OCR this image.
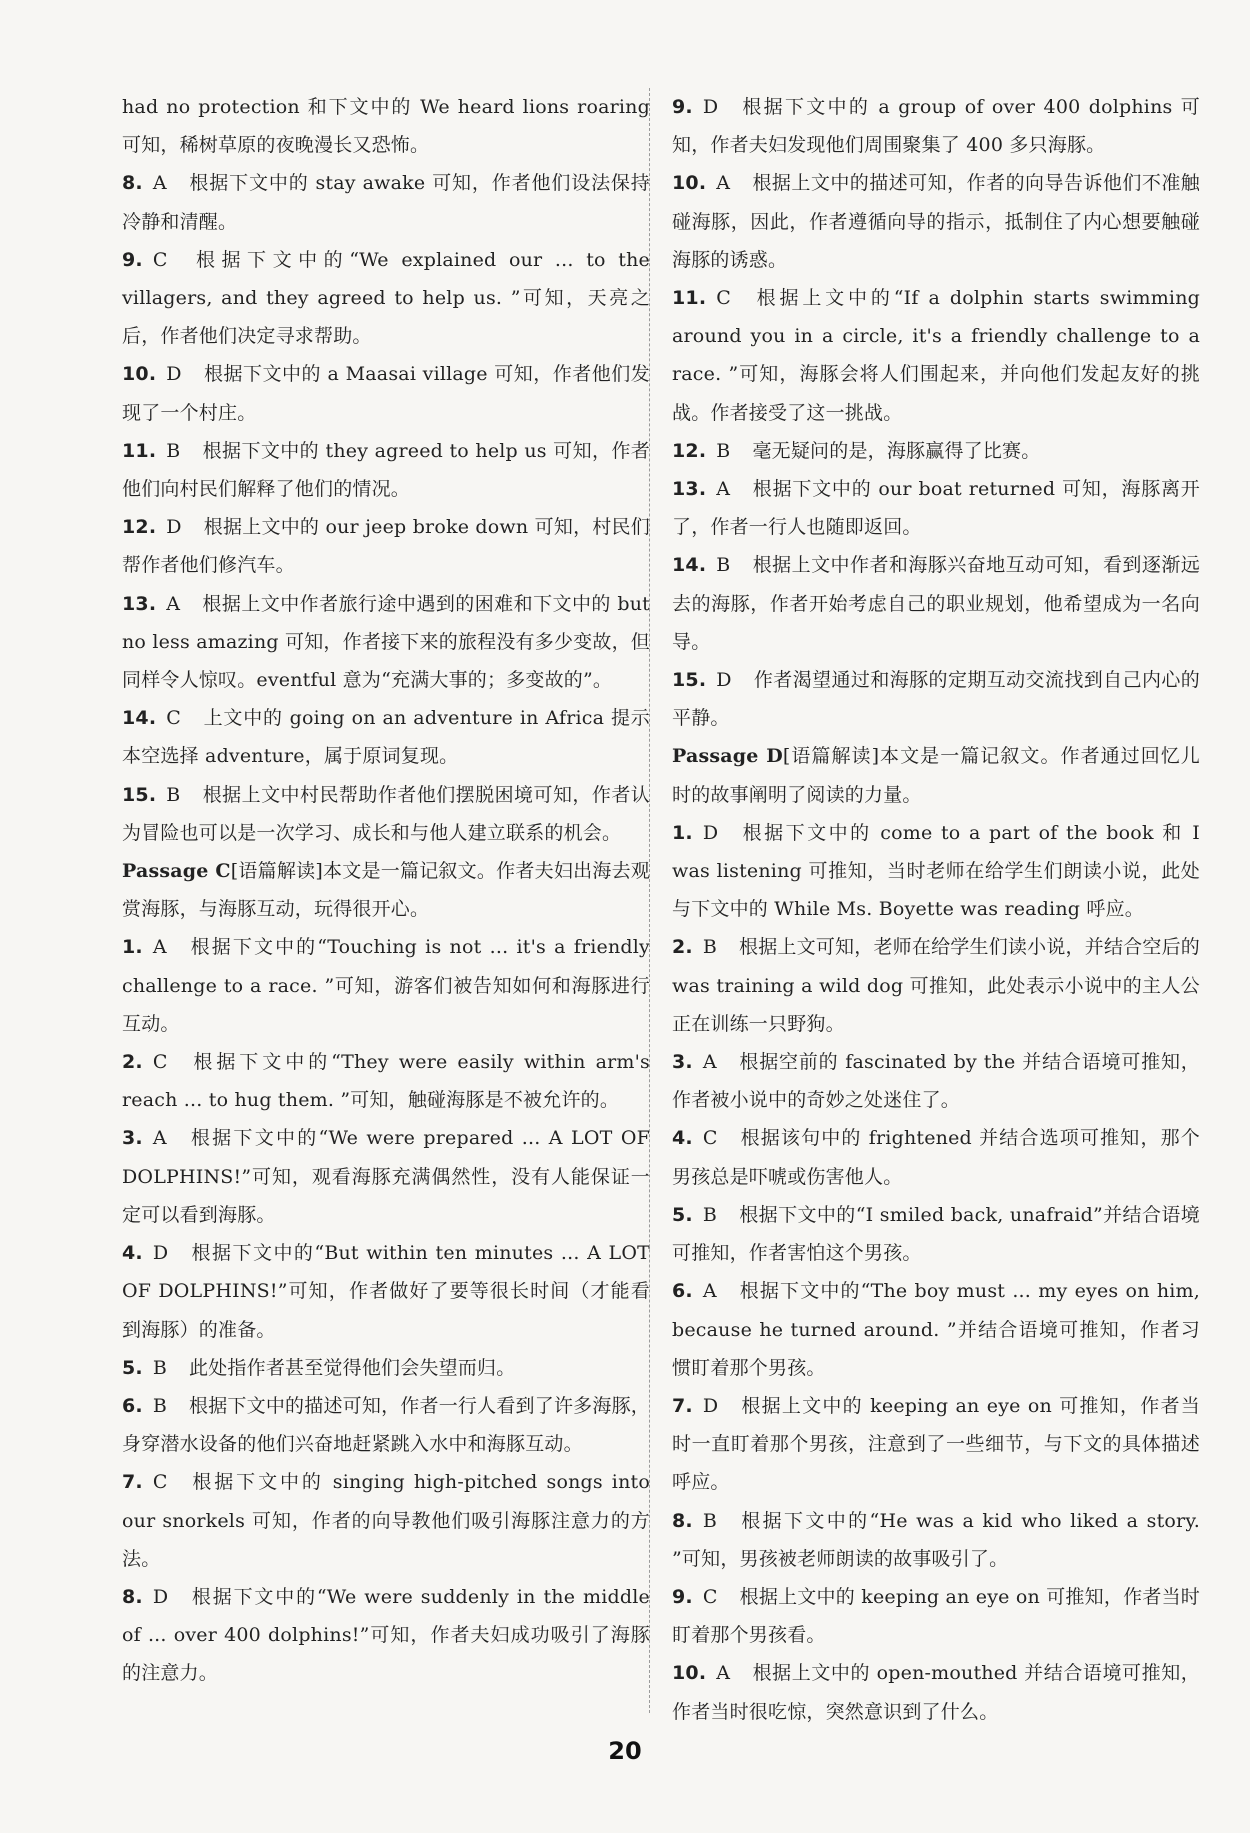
had no protection 和下文中的 We heard lions roaring 可知，稀树草原的夜晚漫长又恐怖。

8. A 根据下文中的 stay awake 可知，作者他们设法保持冷静和清醒。

9. C 根据下文中的“We explained our ... to the villagers, and they agreed to help us. ”可知，天亮之后，作者他们决定寻求帮助。

10. D 根据下文中的 a Maasai village 可知，作者他们发现了一个村庄。

11. B 根据下文中的 they agreed to help us 可知，作者他们向村民们解释了他们的情况。

12. D 根据上文中的 our jeep broke down 可知，村民们帮作者他们修汽车。

13. A 根据上文中作者旅行途中遇到的困难和下文中的 but no less amazing 可知，作者接下来的旅程没有多少变故，但同样令人惊叹。eventful 意为“充满大事的；多变故的”。

14. C 上文中的 going on an adventure in Africa 提示本空选择 adventure，属于原词复现。

15. B 根据上文中村民帮助作者他们摆脱困境可知，作者认为冒险也可以是一次学习、成长和与他人建立联系的机会。

Passage C[语篇解读]本文是一篇记叙文。作者夫妇出海去观赏海豚，与海豚互动，玩得很开心。

1. A 根据下文中的“Touching is not ... it's a friendly challenge to a race. ”可知，游客们被告知如何和海豚进行互动。

2. C 根据下文中的“They were easily within arm's reach ... to hug them. ”可知，触碰海豚是不被允许的。

3. A 根据下文中的“We were prepared ... A LOT OF DOLPHINS!”可知，观看海豚充满偶然性，没有人能保证一定可以看到海豚。

4. D 根据下文中的“But within ten minutes ... A LOT OF DOLPHINS!”可知，作者做好了要等很长时间（才能看到海豚）的准备。

5. B 此处指作者甚至觉得他们会失望而归。

6. B 根据下文中的描述可知，作者一行人看到了许多海豚，身穿潜水设备的他们兴奋地赶紧跳入水中和海豚互动。

7. C 根据下文中的 singing high-pitched songs into our snorkels 可知，作者的向导教他们吸引海豚注意力的方法。

8. D 根据下文中的“We were suddenly in the middle of ... over 400 dolphins!”可知，作者夫妇成功吸引了海豚的注意力。

9. D 根据下文中的 a group of over 400 dolphins 可知，作者夫妇发现他们周围聚集了 400 多只海豚。

10. A 根据上文中的描述可知，作者的向导告诉他们不准触碰海豚，因此，作者遵循向导的指示，抵制住了内心想要触碰海豚的诱惑。

11. C 根据上文中的“If a dolphin starts swimming around you in a circle, it's a friendly challenge to a race. ”可知，海豚会将人们围起来，并向他们发起友好的挑战。作者接受了这一挑战。

12. B 毫无疑问的是，海豚赢得了比赛。

13. A 根据下文中的 our boat returned 可知，海豚离开了，作者一行人也随即返回。

14. B 根据上文中作者和海豚兴奋地互动可知，看到逐渐远去的海豚，作者开始考虑自己的职业规划，他希望成为一名向导。

15. D 作者渴望通过和海豚的定期互动交流找到自己内心的平静。

Passage D[语篇解读]本文是一篇记叙文。作者通过回忆儿时的故事阐明了阅读的力量。

1. D 根据下文中的 come to a part of the book 和 I was listening 可推知，当时老师在给学生们朗读小说，此处与下文中的 While Ms. Boyette was reading 呼应。

2. B 根据上文可知，老师在给学生们读小说，并结合空后的 was training a wild dog 可推知，此处表示小说中的主人公正在训练一只野狗。

3. A 根据空前的 fascinated by the 并结合语境可推知，作者被小说中的奇妙之处迷住了。

4. C 根据该句中的 frightened 并结合选项可推知，那个男孩总是吓唬或伤害他人。

5. B 根据下文中的“I smiled back, unafraid”并结合语境可推知，作者害怕这个男孩。

6. A 根据下文中的“The boy must ... my eyes on him, because he turned around. ”并结合语境可推知，作者习惯盯着那个男孩。

7. D 根据上文中的 keeping an eye on 可推知，作者当时一直盯着那个男孩，注意到了一些细节，与下文的具体描述呼应。

8. B 根据下文中的“He was a kid who liked a story. ”可知，男孩被老师朗读的故事吸引了。

9. C 根据上文中的 keeping an eye on 可推知，作者当时盯着那个男孩看。

10. A 根据上文中的 open-mouthed 并结合语境可推知，作者当时很吃惊，突然意识到了什么。

20
